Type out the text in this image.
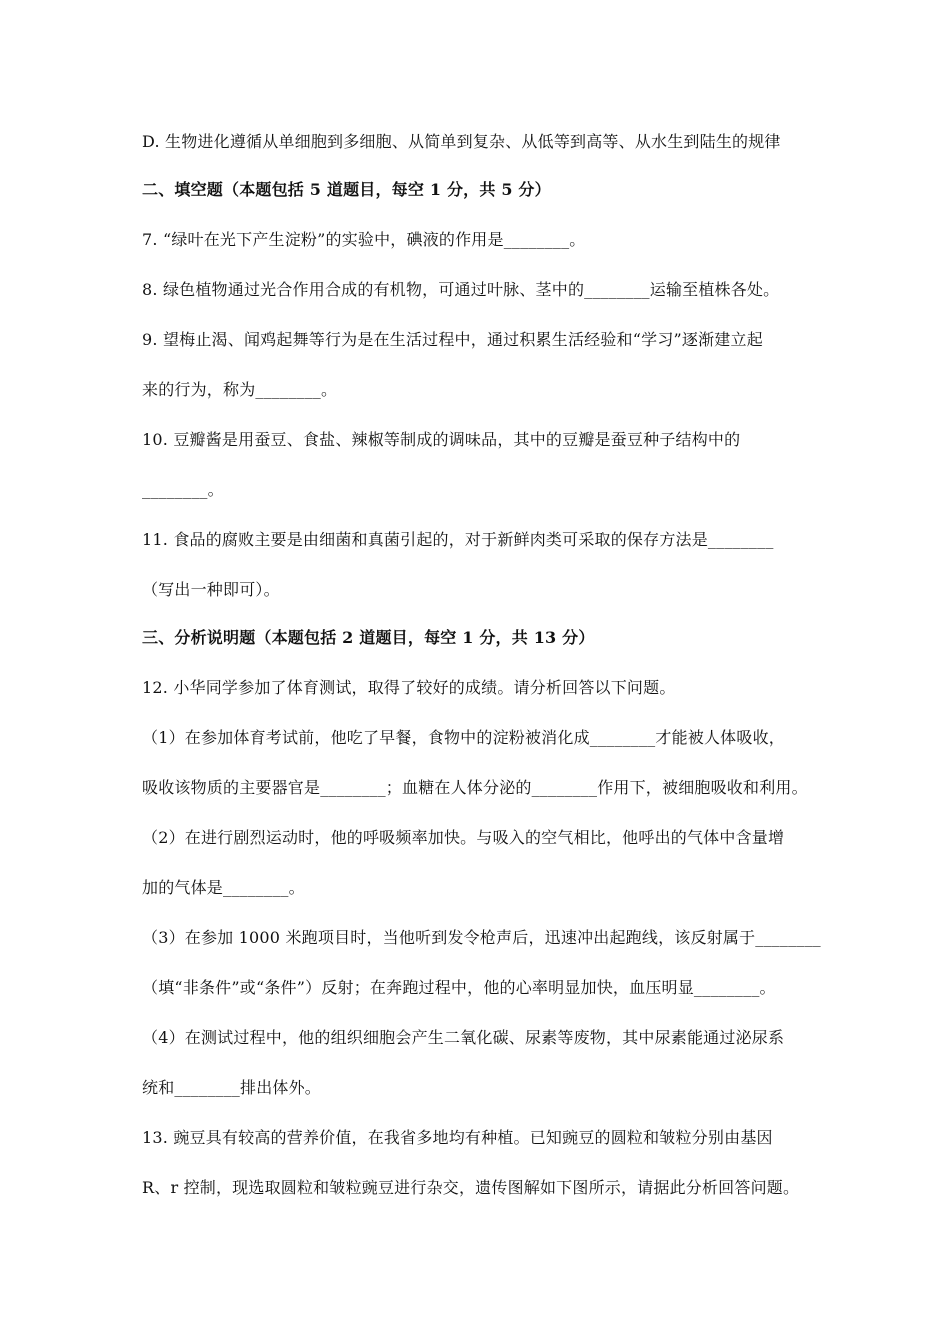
D. 生物进化遵循从单细胞到多细胞、从简单到复杂、从低等到高等、从水生到陆生的规律
二、填空题（本题包括 5 道题目，每空 1 分，共 5 分）
7. “绿叶在光下产生淀粉”的实验中，碘液的作用是________。
8. 绿色植物通过光合作用合成的有机物，可通过叶脉、茎中的________运输至植株各处。
9. 望梅止渴、闻鸡起舞等行为是在生活过程中，通过积累生活经验和“学习”逐渐建立起
来的行为，称为________。
10. 豆瓣酱是用蚕豆、食盐、辣椒等制成的调味品，其中的豆瓣是蚕豆种子结构中的
________。
11. 食品的腐败主要是由细菌和真菌引起的，对于新鲜肉类可采取的保存方法是________
（写出一种即可）。
三、分析说明题（本题包括 2 道题目，每空 1 分，共 13 分）
12. 小华同学参加了体育测试，取得了较好的成绩。请分析回答以下问题。
（1）在参加体育考试前，他吃了早餐，食物中的淀粉被消化成________才能被人体吸收，
吸收该物质的主要器官是________；血糖在人体分泌的________作用下，被细胞吸收和利用。
（2）在进行剧烈运动时，他的呼吸频率加快。与吸入的空气相比，他呼出的气体中含量增
加的气体是________。
（3）在参加 1000 米跑项目时，当他听到发令枪声后，迅速冲出起跑线，该反射属于________
（填“非条件”或“条件”）反射；在奔跑过程中，他的心率明显加快，血压明显________。
（4）在测试过程中，他的组织细胞会产生二氧化碳、尿素等废物，其中尿素能通过泌尿系
统和________排出体外。
13. 豌豆具有较高的营养价值，在我省多地均有种植。已知豌豆的圆粒和皱粒分别由基因
R、r 控制，现选取圆粒和皱粒豌豆进行杂交，遗传图解如下图所示，请据此分析回答问题。
